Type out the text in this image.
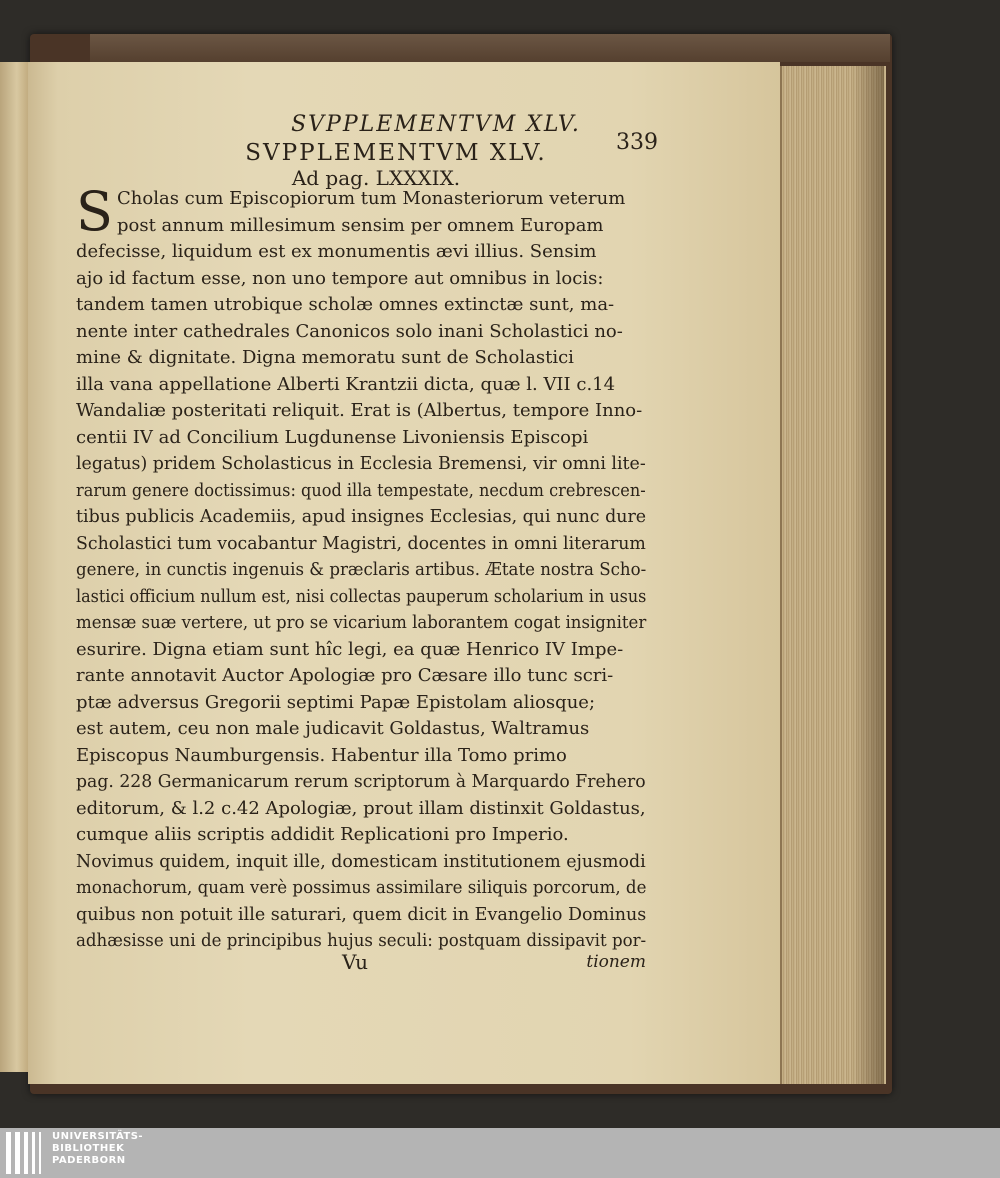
SVPPLEMENTVM XLV.
339
SVPPLEMENTVM XLV.
Ad pag. LXXXIX.
S Cholas cum Episcopiorum tum Monasteriorum veterum
post annum millesimum sensim per omnem Europam
defecisse, liquidum est ex monumentis ævi illius. Sensim
ajo id factum esse, non uno tempore aut omnibus in locis:
tandem tamen utrobique scholæ omnes extinctæ sunt, ma-
nente inter cathedrales Canonicos solo inani Scholastici no-
mine & dignitate. Digna memoratu sunt de Scholastici
illa vana appellatione Alberti Krantzii dicta, quæ l. VII c.14
Wandaliæ posteritati reliquit. Erat is (Albertus, tempore Inno-
centii IV ad Concilium Lugdunense Livoniensis Episcopi
legatus) pridem Scholasticus in Ecclesia Bremensi, vir omni lite-
rarum genere doctissimus: quod illa tempestate, necdum crebrescen-
tibus publicis Academiis, apud insignes Ecclesias, qui nunc dure
Scholastici tum vocabantur Magistri, docentes in omni literarum
genere, in cunctis ingenuis & præclaris artibus. Ætate nostra Scho-
lastici officium nullum est, nisi collectas pauperum scholarium in usus
mensæ suæ vertere, ut pro se vicarium laborantem cogat insigniter
esurire. Digna etiam sunt hîc legi, ea quæ Henrico IV Impe-
rante annotavit Auctor Apologiæ pro Cæsare illo tunc scri-
ptæ adversus Gregorii septimi Papæ Epistolam aliosque;
est autem, ceu non male judicavit Goldastus, Waltramus
Episcopus Naumburgensis. Habentur illa Tomo primo
pag. 228 Germanicarum rerum scriptorum à Marquardo Frehero
editorum, & l.2 c.42 Apologiæ, prout illam distinxit Goldastus,
cumque aliis scriptis addidit Replicationi pro Imperio.
Novimus quidem, inquit ille, domesticam institutionem ejusmodi
monachorum, quam verè possimus assimilare siliquis porcorum, de
quibus non potuit ille saturari, quem dicit in Evangelio Dominus
adhæsisse uni de principibus hujus seculi: postquam dissipavit por-
Vu	tionem
UNIVERSITÄTS-
BIBLIOTHEK
PADERBORN
